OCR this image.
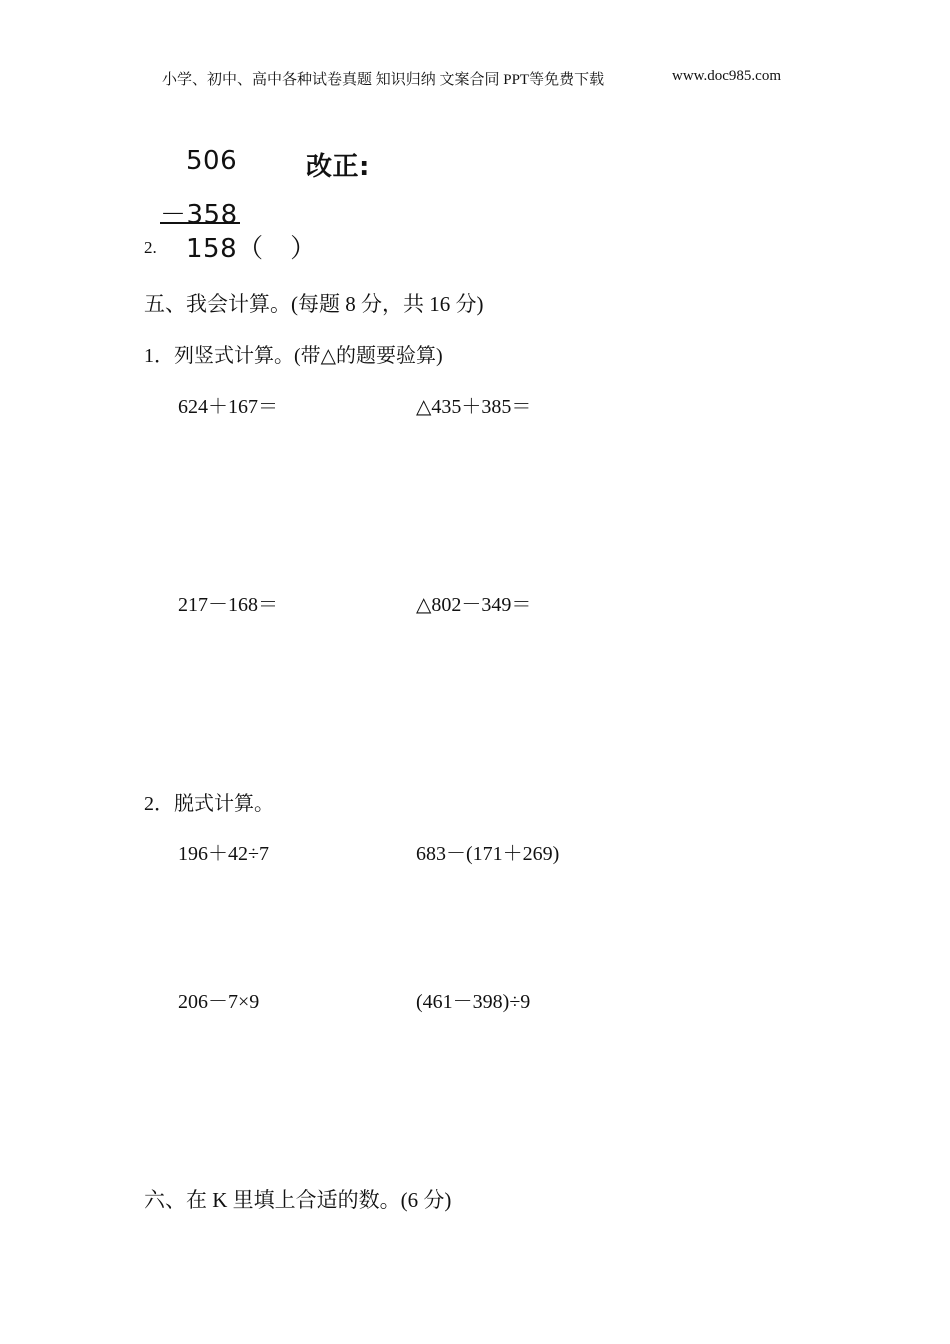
小学、初中、高中各种试卷真题 知识归纳 文案合同 PPT等免费下载	www.doc985.com
506	改正:
－358
2. 158（　）
五、我会计算。(每题 8 分，共 16 分)
1．列竖式计算。(带△的题要验算)
624＋167＝	△435＋385＝
217－168＝	△802－349＝
2．脱式计算。
196＋42÷7	683－(171＋269)
206－7×9	(461－398)÷9
六、在 K 里填上合适的数。(6 分)
